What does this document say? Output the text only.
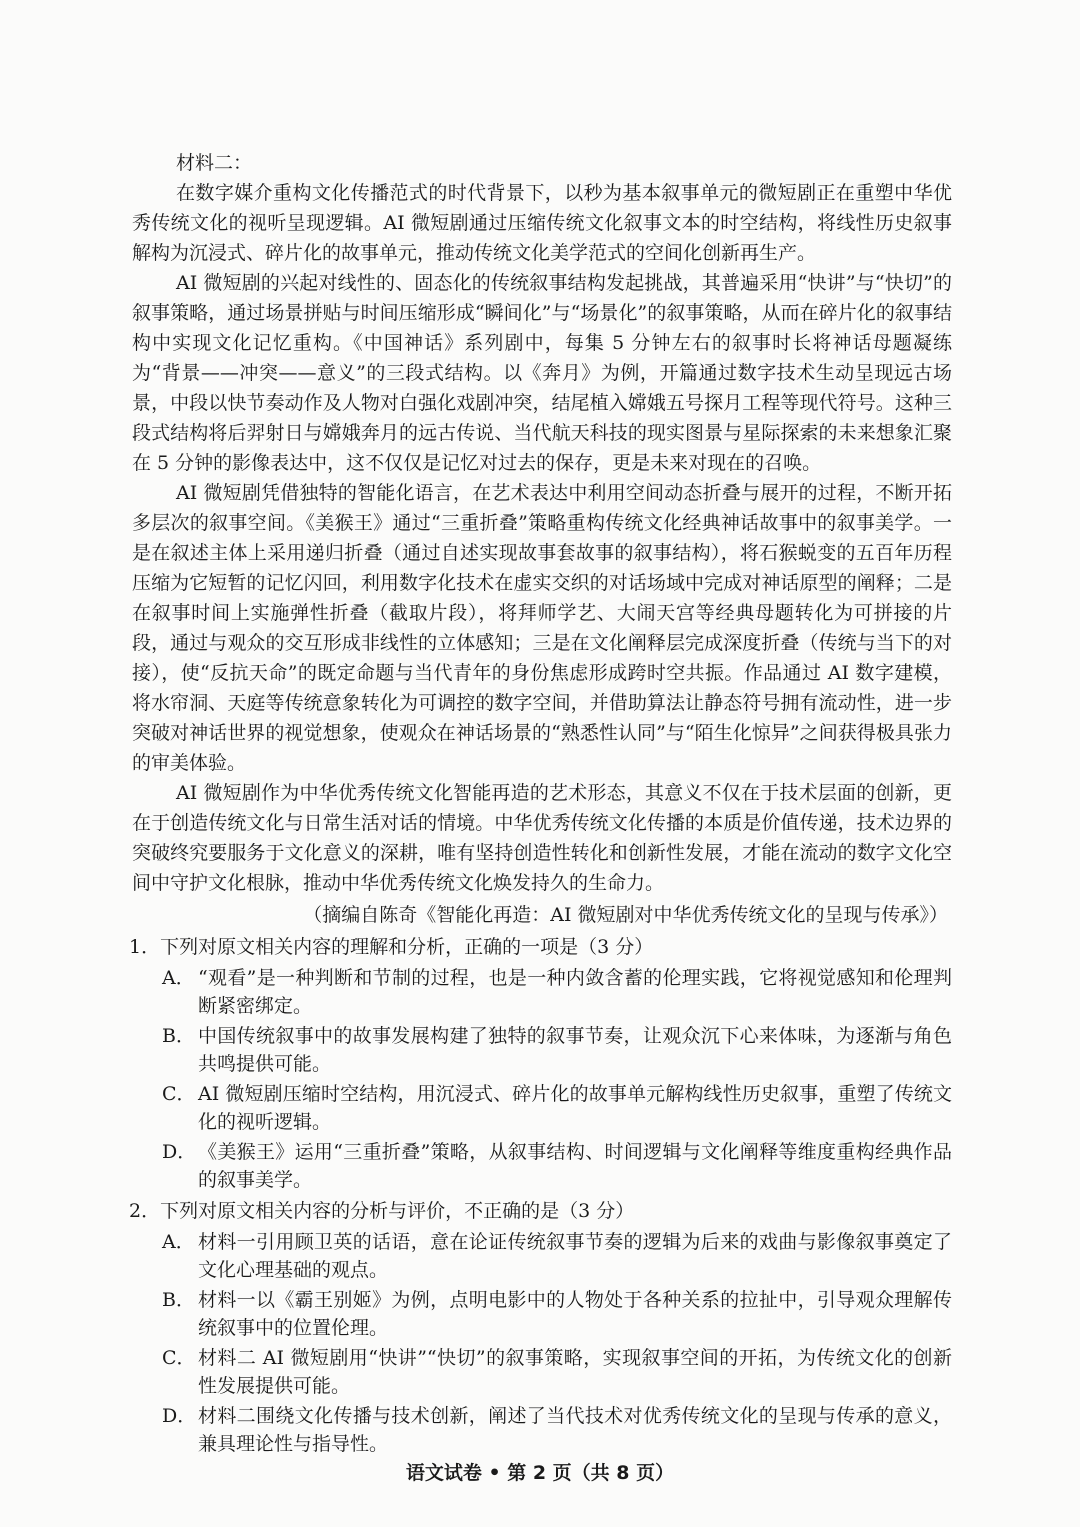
材料二：

在数字媒介重构文化传播范式的时代背景下，以秒为基本叙事单元的微短剧正在重塑中华优秀传统文化的视听呈现逻辑。AI 微短剧通过压缩传统文化叙事文本的时空结构，将线性历史叙事解构为沉浸式、碎片化的故事单元，推动传统文化美学范式的空间化创新再生产。

AI 微短剧的兴起对线性的、固态化的传统叙事结构发起挑战，其普遍采用“快讲”与“快切”的叙事策略，通过场景拼贴与时间压缩形成“瞬间化”与“场景化”的叙事策略，从而在碎片化的叙事结构中实现文化记忆重构。《中国神话》系列剧中，每集 5 分钟左右的叙事时长将神话母题凝练为“背景——冲突——意义”的三段式结构。以《奔月》为例，开篇通过数字技术生动呈现远古场景，中段以快节奏动作及人物对白强化戏剧冲突，结尾植入嫦娥五号探月工程等现代符号。这种三段式结构将后羿射日与嫦娥奔月的远古传说、当代航天科技的现实图景与星际探索的未来想象汇聚在 5 分钟的影像表达中，这不仅仅是记忆对过去的保存，更是未来对现在的召唤。

AI 微短剧凭借独特的智能化语言，在艺术表达中利用空间动态折叠与展开的过程，不断开拓多层次的叙事空间。《美猴王》通过“三重折叠”策略重构传统文化经典神话故事中的叙事美学。一是在叙述主体上采用递归折叠（通过自述实现故事套故事的叙事结构），将石猴蜕变的五百年历程压缩为它短暂的记忆闪回，利用数字化技术在虚实交织的对话场域中完成对神话原型的阐释；二是在叙事时间上实施弹性折叠（截取片段），将拜师学艺、大闹天宫等经典母题转化为可拼接的片段，通过与观众的交互形成非线性的立体感知；三是在文化阐释层完成深度折叠（传统与当下的对接），使“反抗天命”的既定命题与当代青年的身份焦虑形成跨时空共振。作品通过 AI 数字建模，将水帘洞、天庭等传统意象转化为可调控的数字空间，并借助算法让静态符号拥有流动性，进一步突破对神话世界的视觉想象，使观众在神话场景的“熟悉性认同”与“陌生化惊异”之间获得极具张力的审美体验。

AI 微短剧作为中华优秀传统文化智能再造的艺术形态，其意义不仅在于技术层面的创新，更在于创造传统文化与日常生活对话的情境。中华优秀传统文化传播的本质是价值传递，技术边界的突破终究要服务于文化意义的深耕，唯有坚持创造性转化和创新性发展，才能在流动的数字文化空间中守护文化根脉，推动中华优秀传统文化焕发持久的生命力。

（摘编自陈奇《智能化再造：AI 微短剧对中华优秀传统文化的呈现与传承》）

1．下列对原文相关内容的理解和分析，正确的一项是（3 分）
A． “观看”是一种判断和节制的过程，也是一种内敛含蓄的伦理实践，它将视觉感知和伦理判断紧密绑定。
B． 中国传统叙事中的故事发展构建了独特的叙事节奏，让观众沉下心来体味，为逐渐与角色共鸣提供可能。
C． AI 微短剧压缩时空结构，用沉浸式、碎片化的故事单元解构线性历史叙事，重塑了传统文化的视听逻辑。
D． 《美猴王》运用“三重折叠”策略，从叙事结构、时间逻辑与文化阐释等维度重构经典作品的叙事美学。
2．下列对原文相关内容的分析与评价，不正确的是（3 分）
A． 材料一引用顾卫英的话语，意在论证传统叙事节奏的逻辑为后来的戏曲与影像叙事奠定了文化心理基础的观点。
B． 材料一以《霸王别姬》为例，点明电影中的人物处于各种关系的拉扯中，引导观众理解传统叙事中的位置伦理。
C． 材料二 AI 微短剧用“快讲”“快切”的叙事策略，实现叙事空间的开拓，为传统文化的创新性发展提供可能。
D． 材料二围绕文化传播与技术创新，阐述了当代技术对优秀传统文化的呈现与传承的意义，兼具理论性与指导性。
语文试卷 • 第 2 页（共 8 页）
